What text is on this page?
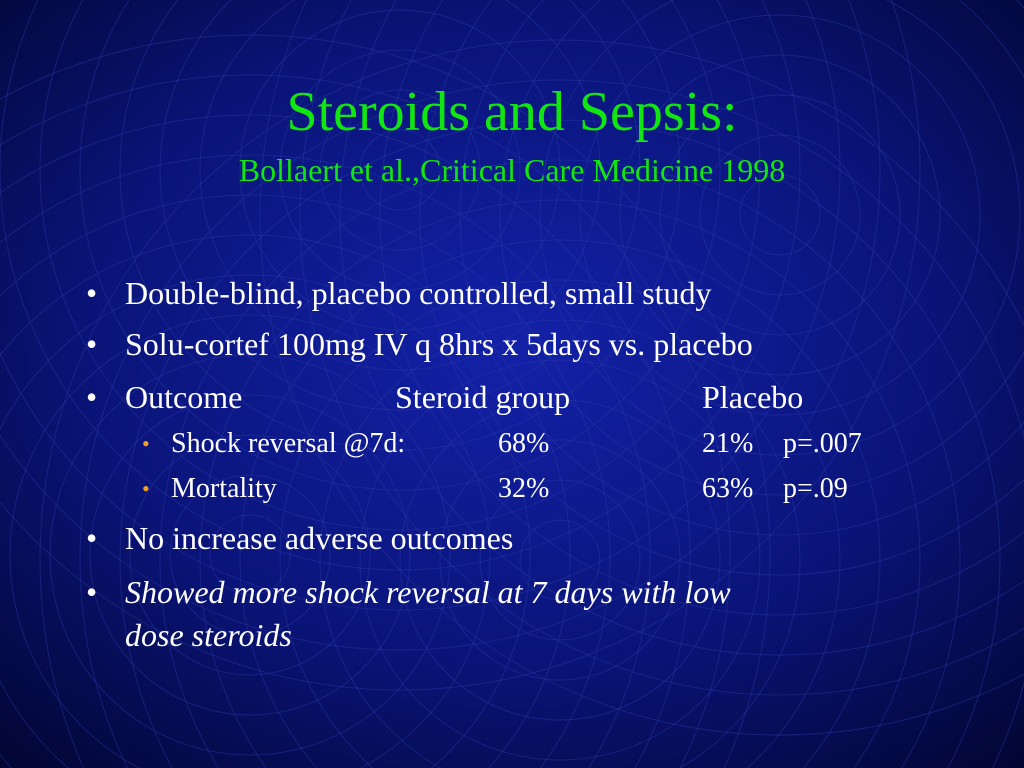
Steroids and Sepsis:
Bollaert et al.,Critical Care Medicine 1998
• Double-blind, placebo controlled, small study
• Solu-cortef 100mg IV q 8hrs x 5days vs. placebo
• Outcome	Steroid group	Placebo
• Shock reversal @7d:	68%	21% p=.007
• Mortality	32%	63% p=.09
• No increase adverse outcomes
• Showed more shock reversal at 7 days with low
dose steroids
